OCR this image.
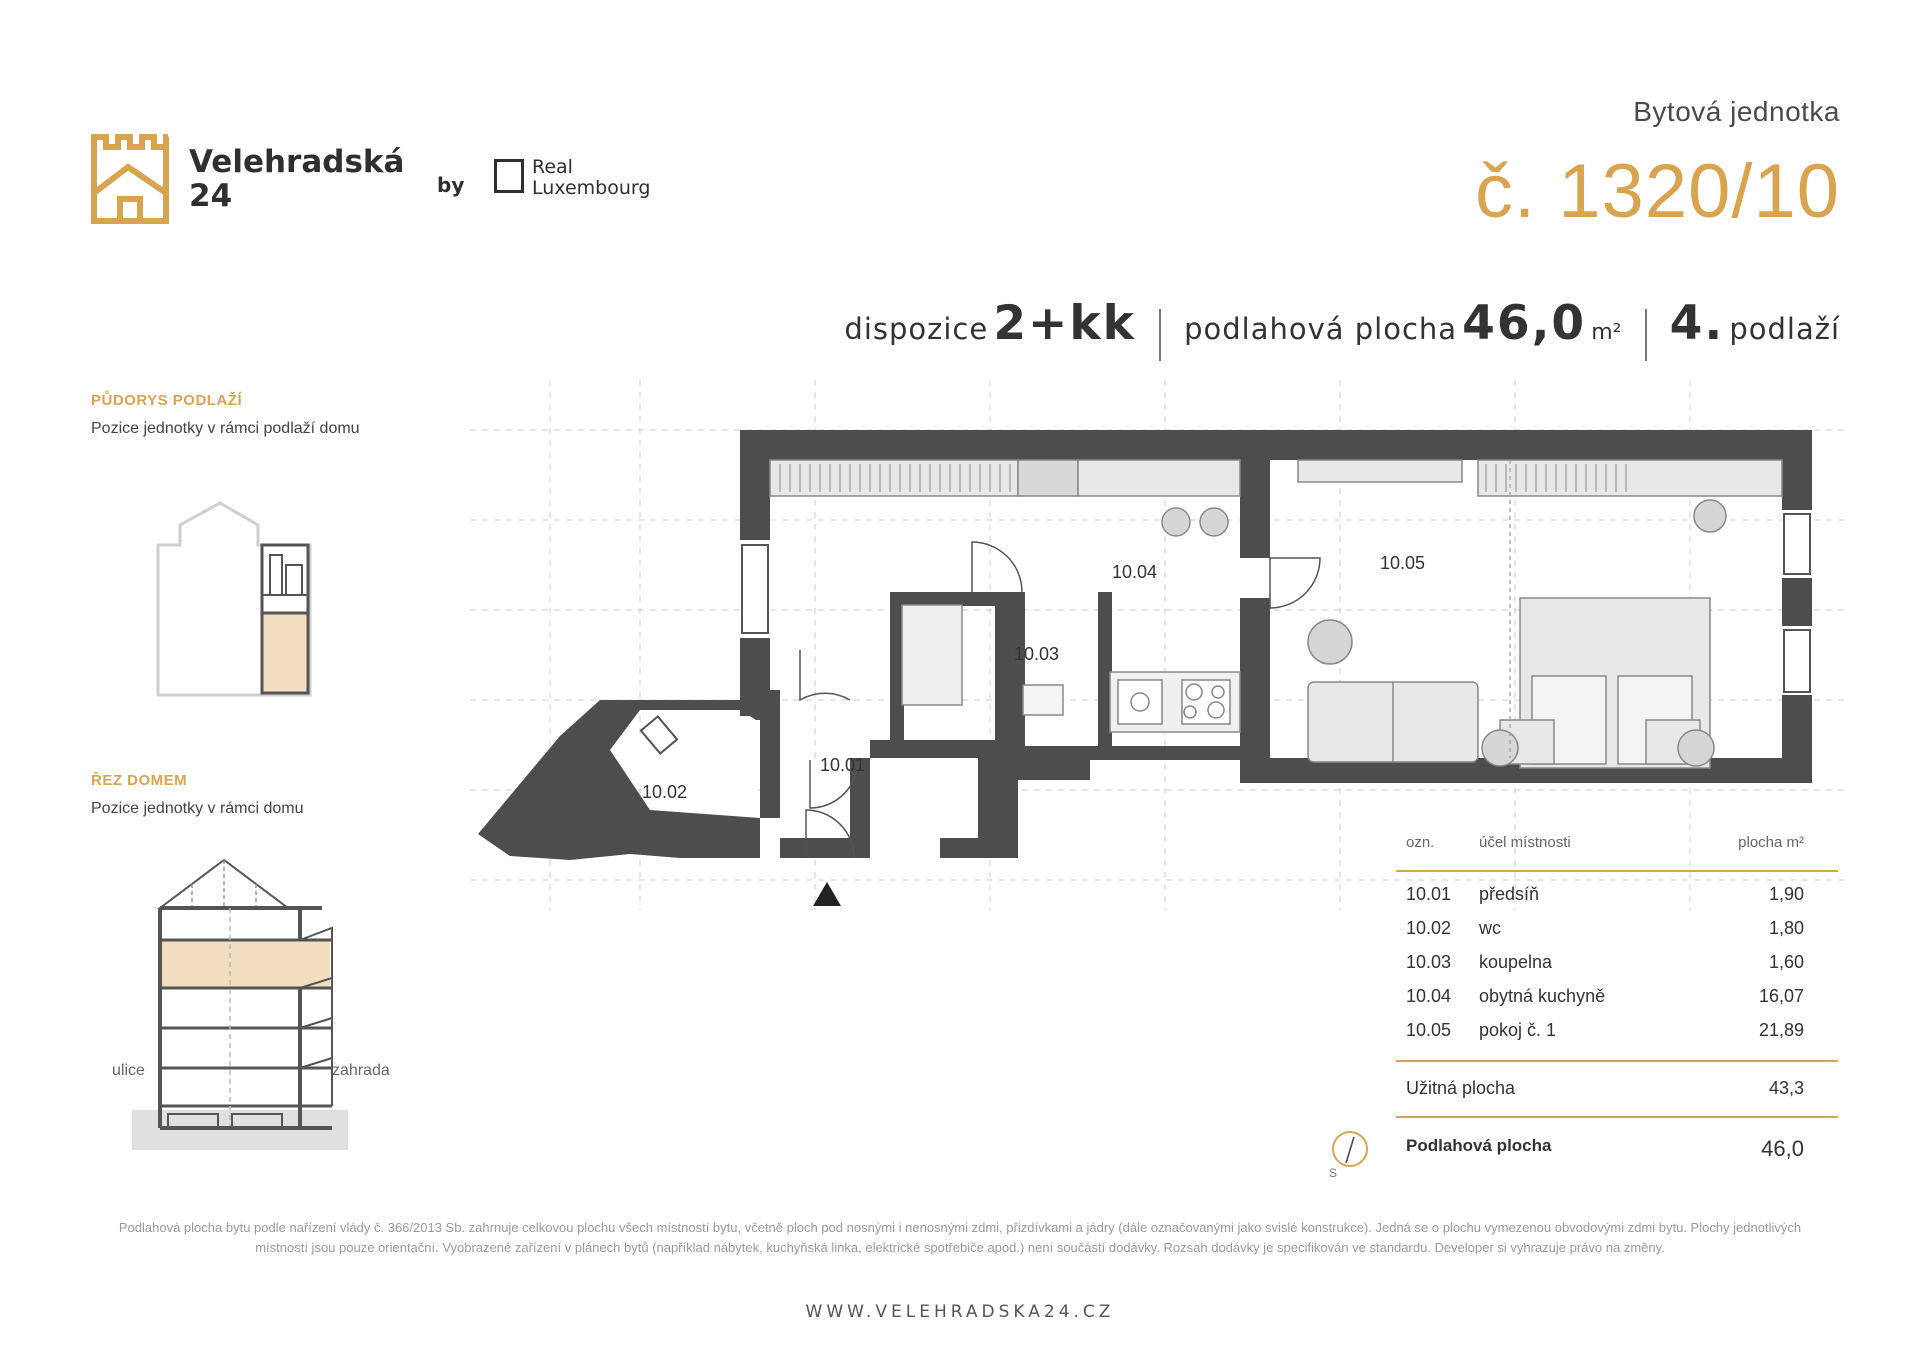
Velehradská
24	by
Real
Luxembourg
Bytová jednotka
č. 1320/10
dispozice 2+kk podlahová plocha 46,0 m² 4. podlaží
PŮDORYS PODLAŽÍ
Pozice jednotky v rámci podlaží domu
ŘEZ DOMEM
Pozice jednotky v rámci domu
ulice	zahrada
10.01
10.02
10.03
10.04	10.05
ozn.	účel místnosti	plocha m²
10.01 předsíň	1,90
10.02 wc	1,80
10.03 koupelna	1,60
10.04 obytná kuchyně	16,07
10.05 pokoj č. 1	21,89
Užitná plocha	43,3
Podlahová plocha	46,0
S
Podlahová plocha bytu podle nařízení vlády č. 366/2013 Sb. zahrnuje celkovou plochu všech místností bytu, včetně ploch pod nosnými i nenosnými zdmi, přizdívkami a jádry (dále označovanými jako svislé konstrukce). Jedná se o plochu vymezenou obvodovými zdmi bytu. Plochy jednotlivých místností jsou pouze orientační. Vyobrazené zařízení v plánech bytů (například nábytek, kuchyňská linka, elektrické spotřebiče apod.) není součástí dodávky. Rozsah dodávky je specifikován ve standardu. Developer si vyhrazuje právo na změny.
WWW.VELEHRADSKA24.CZ
